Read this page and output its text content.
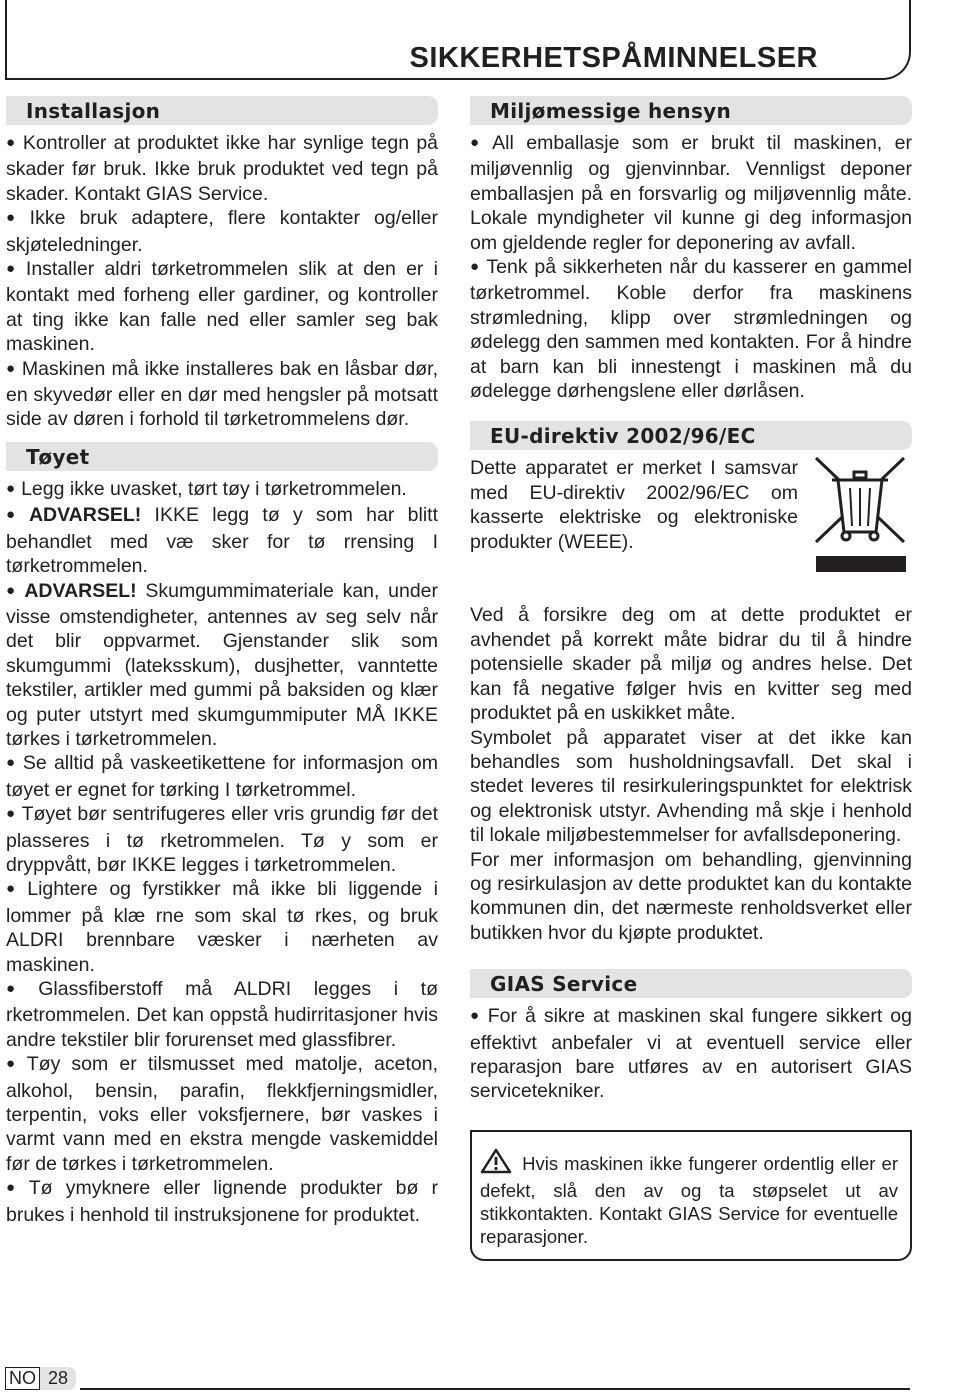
SIKKERHETSPÅMINNELSER
Installasjon

● Kontroller at produktet ikke har synlige tegn på skader før bruk. Ikke bruk produktet ved tegn på skader. Kontakt GIAS Service.

● Ikke bruk adaptere, flere kontakter og/eller skjøteledninger.

● Installer aldri tørketrommelen slik at den er i kontakt med forheng eller gardiner, og kontroller at ting ikke kan falle ned eller samler seg bak maskinen.

● Maskinen må ikke installeres bak en låsbar dør, en skyvedør eller en dør med hengsler på motsatt side av døren i forhold til tørketrommelens dør.

Tøyet

● Legg ikke uvasket, tørt tøy i tørketrommelen.

● ADVARSEL! IKKE legg tø y som har blitt behandlet med væ sker for tø rrensing I tørketrommelen.

● ADVARSEL! Skumgummimateriale kan, under visse omstendigheter, antennes av seg selv når det blir oppvarmet. Gjenstander slik som skumgummi (lateksskum), dusjhetter, vanntette tekstiler, artikler med gummi på baksiden og klær og puter utstyrt med skumgummiputer MÅ IKKE tørkes i tørketrommelen.

● Se alltid på vaskeetikettene for informasjon om tøyet er egnet for tørking I tørketrommel.

● Tøyet bør sentrifugeres eller vris grundig før det plasseres i tø rketrommelen. Tø y som er dryppvått, bør IKKE legges i tørketrommelen.

● Lightere og fyrstikker må ikke bli liggende i lommer på klæ rne som skal tø rkes, og bruk ALDRI brennbare væsker i nærheten av maskinen.

● Glassfiberstoff må ALDRI legges i tø rketrommelen. Det kan oppstå hudirritasjoner hvis andre tekstiler blir forurenset med glassfibrer.

● Tøy som er tilsmusset med matolje, aceton, alkohol, bensin, parafin, flekkfjerningsmidler, terpentin, voks eller voksfjernere, bør vaskes i varmt vann med en ekstra mengde vaskemiddel før de tørkes i tørketrommelen.

● Tø ymyknere eller lignende produkter bø r brukes i henhold til instruksjonene for produktet.

Miljømessige hensyn

● All emballasje som er brukt til maskinen, er miljøvennlig og gjenvinnbar. Vennligst deponer emballasjen på en forsvarlig og miljøvennlig måte. Lokale myndigheter vil kunne gi deg informasjon om gjeldende regler for deponering av avfall.

● Tenk på sikkerheten når du kasserer en gammel tørketrommel. Koble derfor fra maskinens strømledning, klipp over strømledningen og ødelegg den sammen med kontakten. For å hindre at barn kan bli innestengt i maskinen må du ødelegge dørhengslene eller dørlåsen.

EU-direktiv 2002/96/EC

Dette apparatet er merket I samsvar med EU-direktiv 2002/96/EC om kasserte elektriske og elektroniske produkter (WEEE).

Ved å forsikre deg om at dette produktet er avhendet på korrekt måte bidrar du til å hindre potensielle skader på miljø og andres helse. Det kan få negative følger hvis en kvitter seg med produktet på en uskikket måte.

Symbolet på apparatet viser at det ikke kan behandles som husholdningsavfall. Det skal i stedet leveres til resirkuleringspunktet for elektrisk og elektronisk utstyr. Avhending må skje i henhold til lokale miljøbestemmelser for avfallsdeponering.

For mer informasjon om behandling, gjenvinning og resirkulasjon av dette produktet kan du kontakte kommunen din, det nærmeste renholdsverket eller butikken hvor du kjøpte produktet.

GIAS Service

● For å sikre at maskinen skal fungere sikkert og effektivt anbefaler vi at eventuell service eller reparasjon bare utføres av en autorisert GIAS servicetekniker.

Hvis maskinen ikke fungerer ordentlig eller er defekt, slå den av og ta støpselet ut av stikkontakten. Kontakt GIAS Service for eventuelle reparasjoner.

NO 28
